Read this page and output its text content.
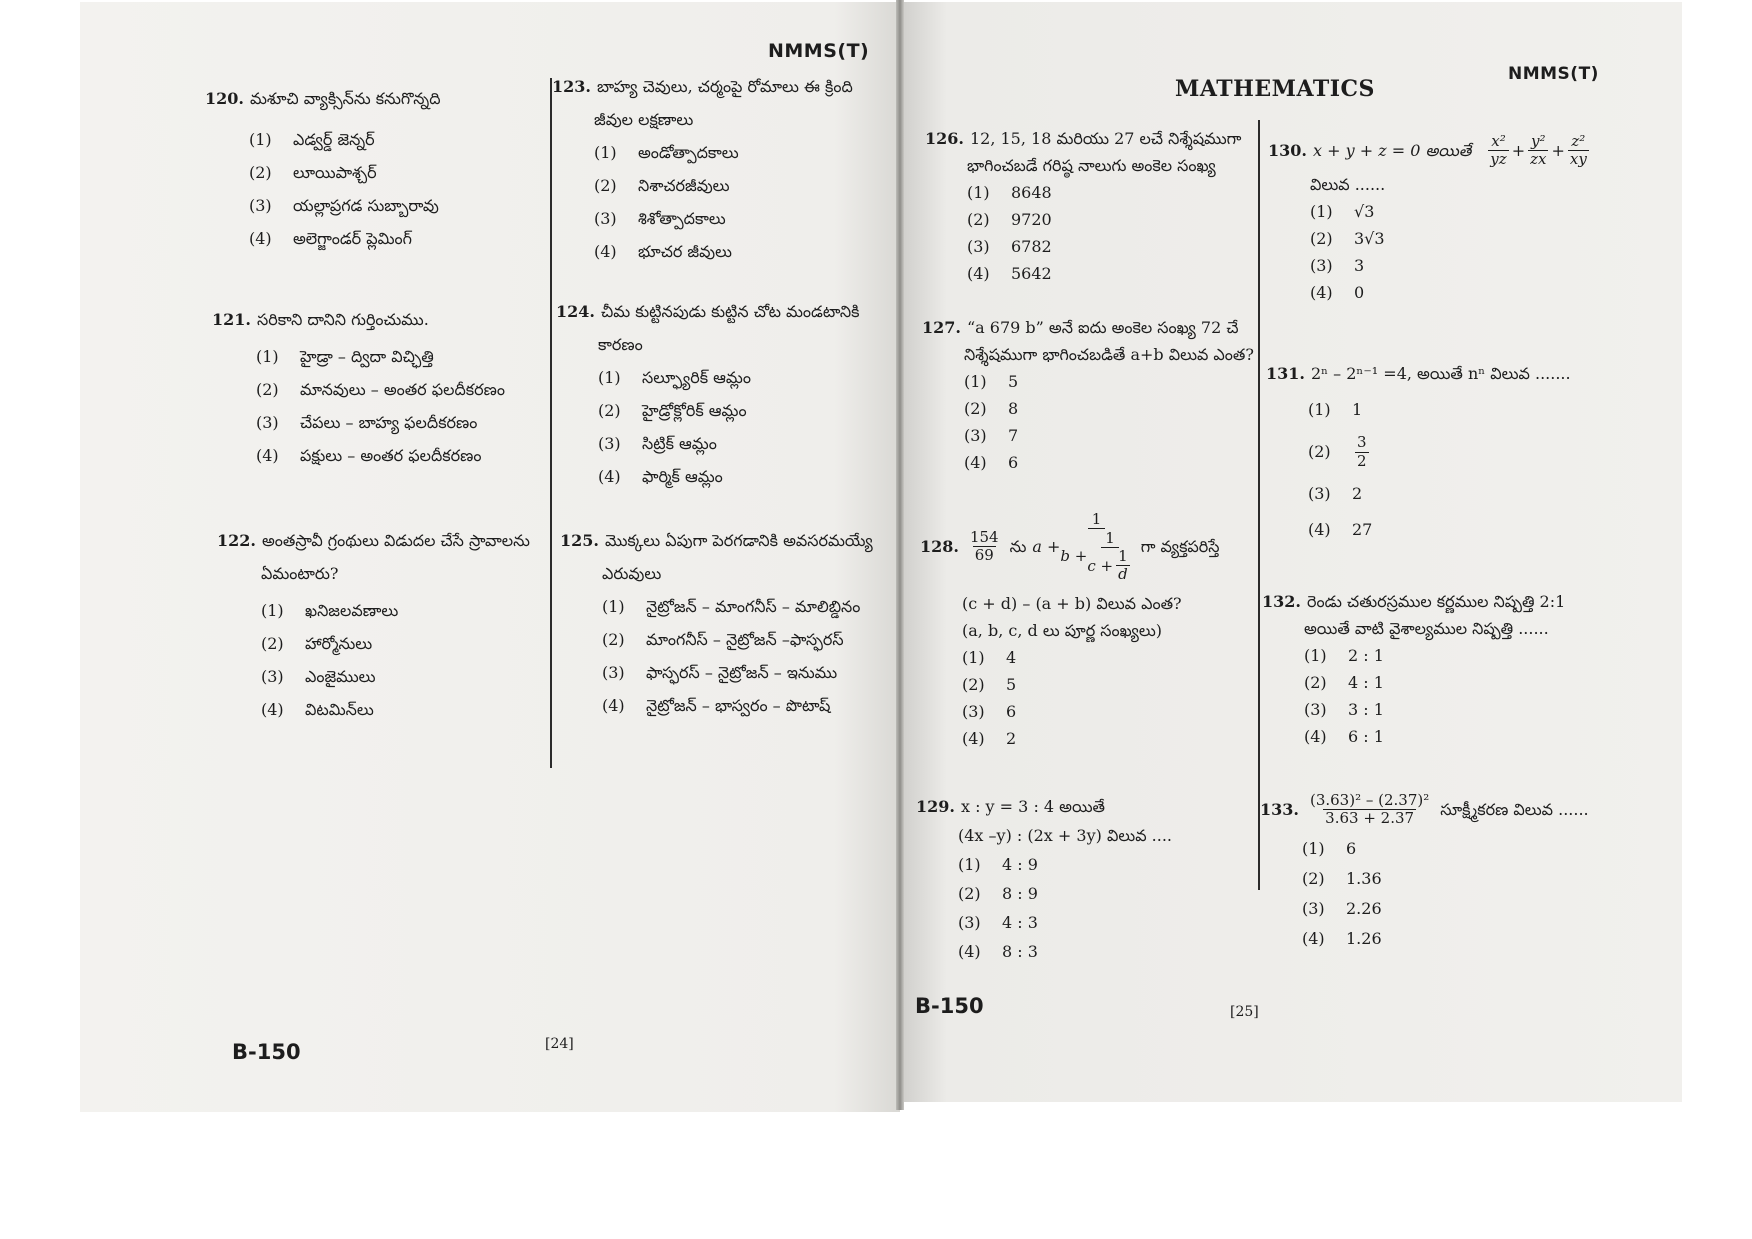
NMMS(T)
NMMS(T)
MATHEMATICS
120. మశూచి వ్యాక్సిన్‌ను కనుగొన్నది
(1) ఎడ్వర్డ్ జెన్నర్
(2) లూయిపాశ్చర్
(3) యల్లాప్రగడ సుబ్బారావు
(4) అలెగ్జాండర్ ప్లెమింగ్
121. సరికాని దానిని గుర్తించుము.
(1) హైడ్రా – ద్విదా విచ్ఛిత్తి
(2) మానవులు – అంతర ఫలదీకరణం
(3) చేపలు – బాహ్య ఫలదీకరణం
(4) పక్షులు – అంతర ఫలదీకరణం
122. అంతస్రావీ గ్రంథులు విడుదల చేసే స్రావాలను
ఏమంటారు?
(1) ఖనిజలవణాలు
(2) హార్మోనులు
(3) ఎంజైములు
(4) విటమిన్‌లు
123. బాహ్య చెవులు, చర్మంపై రోమాలు ఈ క్రింది
జీవుల లక్షణాలు
(1) అండోత్పాదకాలు
(2) నిశాచరజీవులు
(3) శిశోత్పాదకాలు
(4) భూచర జీవులు
124. చీమ కుట్టినపుడు కుట్టిన చోట మండటానికి
కారణం
(1) సల్ఫ్యూరిక్ ఆమ్లం
(2) హైడ్రోక్లోరిక్ ఆమ్లం
(3) సిట్రిక్ ఆమ్లం
(4) ఫార్మిక్ ఆమ్లం
125. మొక్కలు ఏపుగా పెరగడానికి అవసరమయ్యే
ఎరువులు
(1) నైట్రోజన్ – మాంగనీస్ – మాలిబ్డినం
(2) మాంగనీస్ – నైట్రోజన్ –ఫాస్ఫరస్
(3) ఫాస్ఫరస్ – నైట్రోజన్ – ఇనుము
(4) నైట్రోజన్ – భాస్వరం – పొటాష్
126. 12, 15, 18 మరియు 27 లచే నిశ్శేషముగా
భాగించబడే గరిష్ఠ నాలుగు అంకెల సంఖ్య
(1) 8648
(2) 9720
(3) 6782
(4) 5642
127. “a 679 b” అనే ఐదు అంకెల సంఖ్య 72 చే
నిశ్శేషముగా భాగించబడితే a+b విలువ ఎంత?
(1) 5
(2) 8
(3) 7
(4) 6
128. $\frac{154}{69}$ ను a +
1
$b + \frac{1}{c + \frac{1}{d}}$ గా వ్యక్తపరిస్తే
(c + d) – (a + b) విలువ ఎంత?
(a, b, c, d లు పూర్ణ సంఖ్యలు)
(1) 4
(2) 5
(3) 6
(4) 2
129. x : y = 3 : 4 అయితే
(4x –y) : (2x + 3y) విలువ ....
(1) 4 : 9
(2) 8 : 9
(3) 4 : 3
(4) 8 : 3
130. x + y + z = 0 అయితే $\frac{\text{x²}}{yz} + \frac{\text{y²}}{zx} + \frac{\text{z²}}{xy}$
విలువ ......
(1) √3
(2) 3√3
(3) 3
(4) 0
131. 2ⁿ – 2ⁿ⁻¹ =4, అయితే nⁿ విలువ .......
(1) 1
(2)	$\frac{3}{2}$
(3) 2
(4) 27
132. రెండు చతురస్రముల కర్ణముల నిష్పత్తి 2:1
అయితే వాటి వైశాల్యముల నిష్పత్తి ......
(1) 2 : 1
(2) 4 : 1
(3) 3 : 1
(4) 6 : 1
133. $\frac{\text{(3.63)² – (2.37)²}}{3.63 + 2.37}$ సూక్ష్మీకరణ విలువ ......
(1) 6
(2) 1.36
(3) 2.26
(4) 1.26
B-150	[24]
B-150	[25]
